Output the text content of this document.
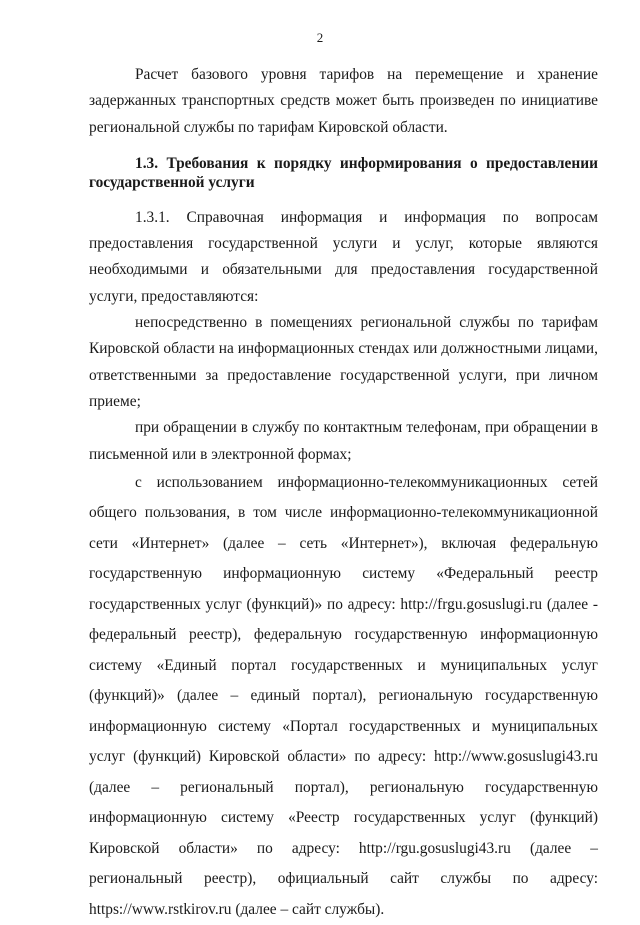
2

Расчет базового уровня тарифов на перемещение и хранение задержанных транспортных средств может быть произведен по инициативе региональной службы по тарифам Кировской области.

1.3. Требования к порядку информирования о предоставлении государственной услуги

1.3.1. Справочная информация и информация по вопросам предоставления государственной услуги и услуг, которые являются необходимыми и обязательными для предоставления государственной услуги, предоставляются:

непосредственно в помещениях региональной службы по тарифам Кировской области на информационных стендах или должностными лицами, ответственными за предоставление государственной услуги, при личном приеме;

при обращении в службу по контактным телефонам, при обращении в письменной или в электронной формах;

с использованием информационно-телекоммуникационных сетей общего пользования, в том числе информационно-телекоммуникационной сети «Интернет» (далее – сеть «Интернет»), включая федеральную государственную информационную систему «Федеральный реестр государственных услуг (функций)» по адресу: http://frgu.gosuslugi.ru (далее - федеральный реестр), федеральную государственную информационную систему «Единый портал государственных и муниципальных услуг (функций)» (далее – единый портал), региональную государственную информационную систему «Портал государственных и муниципальных услуг (функций) Кировской области» по адресу: http://www.gosuslugi43.ru (далее – региональный портал), региональную государственную информационную систему «Реестр государственных услуг (функций) Кировской области» по адресу: http://rgu.gosuslugi43.ru (далее – региональный реестр), официальный сайт службы по адресу: https://www.rstkirov.ru (далее – сайт службы).
